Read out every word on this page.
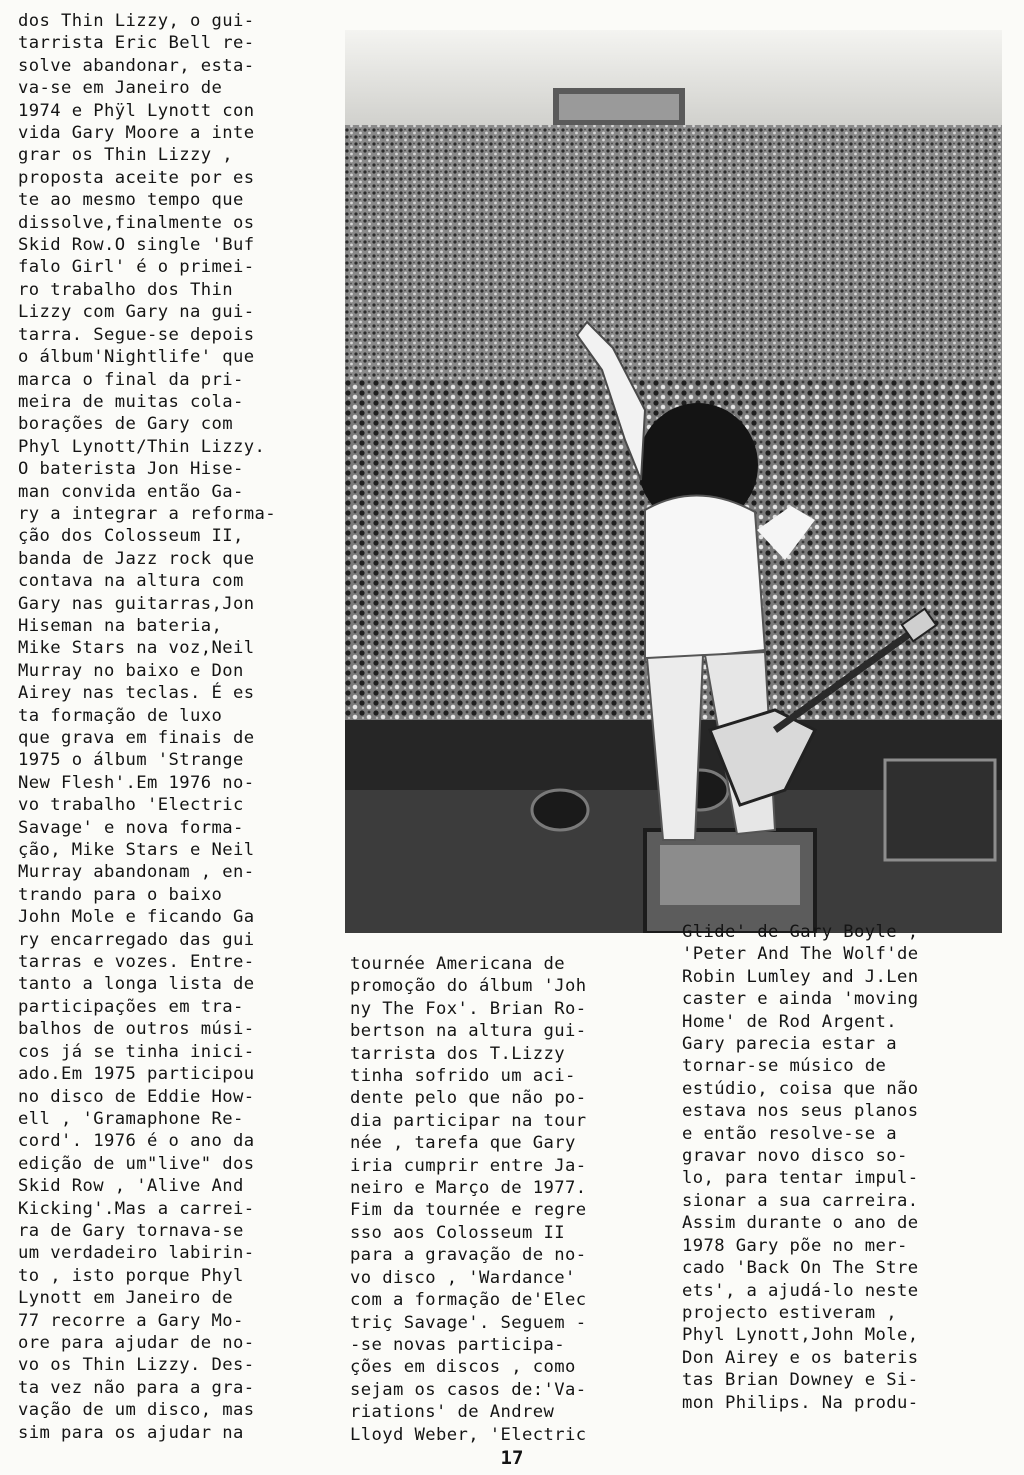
dos Thin Lizzy, o gui-
tarrista Eric Bell re-
solve abandonar, esta-
va-se em Janeiro de
1974 e Phÿl Lynott con
vida Gary Moore a inte
grar os Thin Lizzy ,
proposta aceite por es
te ao mesmo tempo que
dissolve,finalmente os
Skid Row.O single 'Buf
falo Girl' é o primei-
ro trabalho dos Thin
Lizzy com Gary na gui-
tarra. Segue-se depois
o álbum'Nightlife' que
marca o final da pri-
meira de muitas cola-
borações de Gary com
Phyl Lynott/Thin Lizzy.
O baterista Jon Hise-
man convida então Ga-
ry a integrar a reforma-
ção dos Colosseum II,
banda de Jazz rock que
contava na altura com
Gary nas guitarras,Jon
Hiseman na bateria,
Mike Stars na voz,Neil
Murray no baixo e Don
Airey nas teclas. É es
ta formação de luxo
que grava em finais de
1975 o álbum 'Strange
New Flesh'.Em 1976 no-
vo trabalho 'Electric
Savage' e nova forma-
ção, Mike Stars e Neil
Murray abandonam , en-
trando para o baixo
John Mole e ficando Ga
ry encarregado das gui
tarras e vozes. Entre-
tanto a longa lista de
participações em tra-
balhos de outros músi-
cos já se tinha inici-
ado.Em 1975 participou
no disco de Eddie How-
ell , 'Gramaphone Re-
cord'. 1976 é o ano da
edição de um"live" dos
Skid Row , 'Alive And
Kicking'.Mas a carrei-
ra de Gary tornava-se
um verdadeiro labirin-
to , isto porque Phyl
Lynott em Janeiro de
77 recorre a Gary Mo-
ore para ajudar de no-
vo os Thin Lizzy. Des-
ta vez não para a gra-
vação de um disco, mas
sim para os ajudar na
tournée Americana de
promoção do álbum 'Joh
ny The Fox'. Brian Ro-
bertson na altura gui-
tarrista dos T.Lizzy
tinha sofrido um aci-
dente pelo que não po-
dia participar na tour
née , tarefa que Gary
iria cumprir entre Ja-
neiro e Março de 1977.
Fim da tournée e regre
sso aos Colosseum II
para a gravação de no-
vo disco , 'Wardance'
com a formação de'Elec
triç Savage'. Seguem -
-se novas participa-
ções em discos , como
sejam os casos de:'Va-
riations' de Andrew
Lloyd Weber, 'Electric
Glide' de Gary Boyle ,
'Peter And The Wolf'de
Robin Lumley and J.Len
caster e ainda 'moving
Home' de Rod Argent.
Gary parecia estar a
tornar-se músico de
estúdio, coisa que não
estava nos seus planos
e então resolve-se a
gravar novo disco so-
lo, para tentar impul-
sionar a sua carreira.
Assim durante o ano de
1978 Gary põe no mer-
cado 'Back On The Stre
ets', a ajudá-lo neste
projecto estiveram ,
Phyl Lynott,John Mole,
Don Airey e os bateris
tas Brian Downey e Si-
mon Philips. Na produ-
17
